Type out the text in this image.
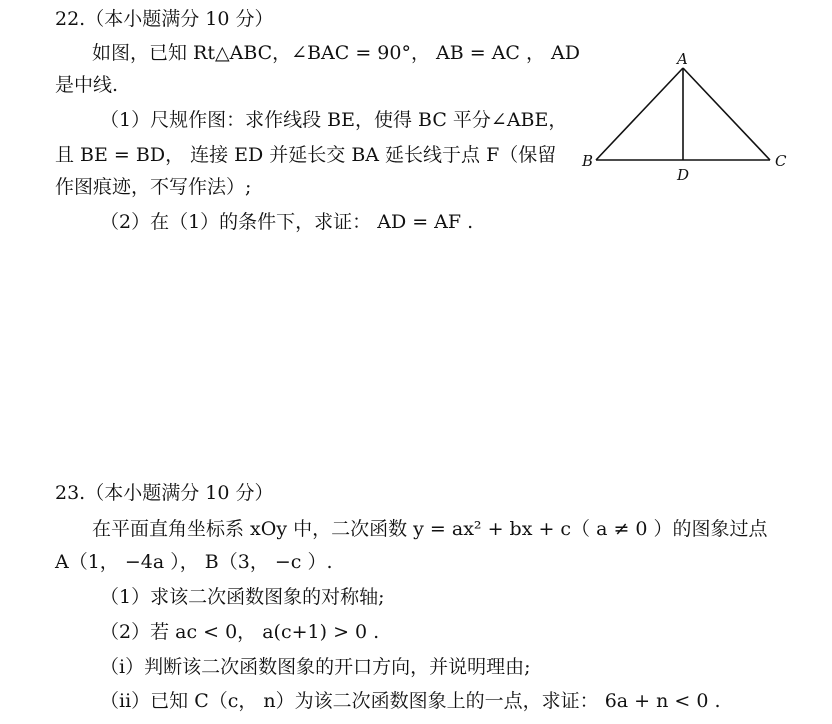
22.（本小题满分 10 分）
如图，已知 Rt△ABC，∠BAC = 90°， AB = AC ， AD
是中线.
（1）尺规作图：求作线段 BE，使得 BC 平分∠ABE，
且 BE = BD， 连接 ED 并延长交 BA 延长线于点 F（保留
作图痕迹，不写作法）;
（2）在（1）的条件下，求证： AD = AF .
A
B	C
D
23.（本小题满分 10 分）
在平面直角坐标系 xOy 中，二次函数 y = ax² + bx + c（ a ≠ 0 ）的图象过点
A（1， −4a ）， B（3， −c ）.
（1）求该二次函数图象的对称轴;
（2）若 ac < 0， a(c+1) > 0 .
（i）判断该二次函数图象的开口方向，并说明理由;
（ii）已知 C（c， n）为该二次函数图象上的一点，求证： 6a + n < 0 .
